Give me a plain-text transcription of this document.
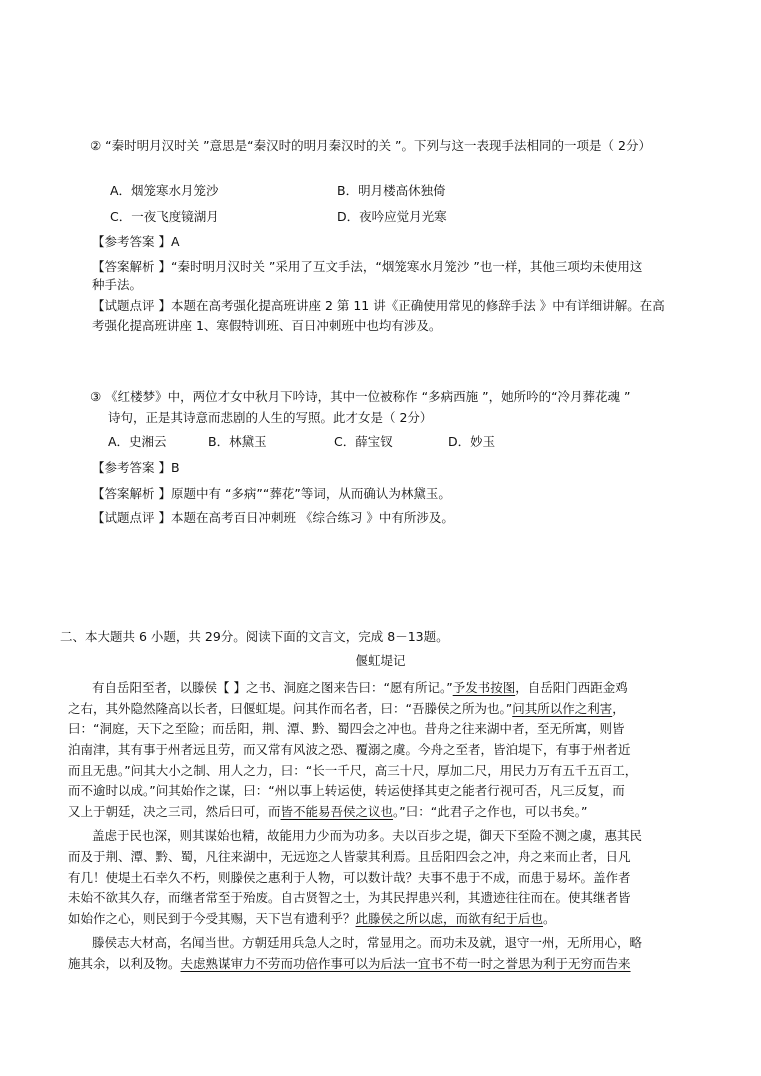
② “秦时明月汉时关 ”意思是“秦汉时的明月秦汉时的关 ”。下列与这一表现手法相同的一项是（ 2分）
A．烟笼寒水月笼沙	B．明月楼高休独倚
C．一夜飞度镜湖月	D．夜吟应觉月光寒
【参考答案 】A
【答案解析 】“秦时明月汉时关 ”采用了互文手法，“烟笼寒水月笼沙 ”也一样，其他三项均未使用这
种手法。
【试题点评 】本题在高考强化提高班讲座 2 第 11 讲《正确使用常见的修辞手法 》中有详细讲解。在高
考强化提高班讲座 1、寒假特训班、百日冲刺班中也均有涉及。
③ 《红楼梦》中，两位才女中秋月下吟诗，其中一位被称作 “多病西施 ”，她所吟的“冷月葬花魂 ”
诗句，正是其诗意而悲剧的人生的写照。此才女是（ 2分）
A．史湘云	B．林黛玉	C．薛宝钗	D．妙玉
【参考答案 】B
【答案解析 】原题中有 “多病”“葬花”等词，从而确认为林黛玉。
【试题点评 】本题在高考百日冲刺班 《综合练习 》中有所涉及。
二、本大题共 6 小题，共 29分。阅读下面的文言文，完成 8－13题。
偃虹堤记
有自岳阳至者，以滕侯【 】之书、洞庭之图来告曰：“愿有所记。”予发书按图，自岳阳门西距金鸡
之右，其外隐然隆高以长者，曰偃虹堤。问其作而名者，曰：“吾滕侯之所为也。”问其所以作之利害，
曰：“洞庭，天下之至险；而岳阳，荆、潭、黔、蜀四会之冲也。昔舟之往来湖中者，至无所寓，则皆
泊南津，其有事于州者远且劳，而又常有风波之恐、覆溺之虞。今舟之至者，皆泊堤下，有事于州者近
而且无患。”问其大小之制、用人之力，曰：“长一千尺，高三十尺，厚加二尺，用民力万有五千五百工，
而不逾时以成。”问其始作之谋，曰：“州以事上转运使，转运使择其吏之能者行视可否，凡三反复，而
又上于朝廷，决之三司，然后曰可，而皆不能易吾侯之议也。”曰：“此君子之作也，可以书矣。”
盖虑于民也深，则其谋始也精，故能用力少而为功多。夫以百步之堤，御天下至险不测之虞，惠其民
而及于荆、潭、黔、蜀，凡往来湖中，无远迩之人皆蒙其利焉。且岳阳四会之冲，舟之来而止者，日凡
有几！使堤土石幸久不朽，则滕侯之惠利于人物，可以数计哉？夫事不患于不成，而患于易坏。盖作者
未始不欲其久存，而继者常至于殆废。自古贤智之士，为其民捍患兴利，其遗迹往往而在。使其继者皆
如始作之心，则民到于今受其赐，天下岂有遗利乎？此滕侯之所以虑，而欲有纪于后也。
滕侯志大材高，名闻当世。方朝廷用兵急人之时，常显用之。而功未及就，退守一州，无所用心，略
施其余，以利及物。夫虑熟谋审力不劳而功倍作事可以为后法一宜书不苟一时之誉思为利于无穷而告来
